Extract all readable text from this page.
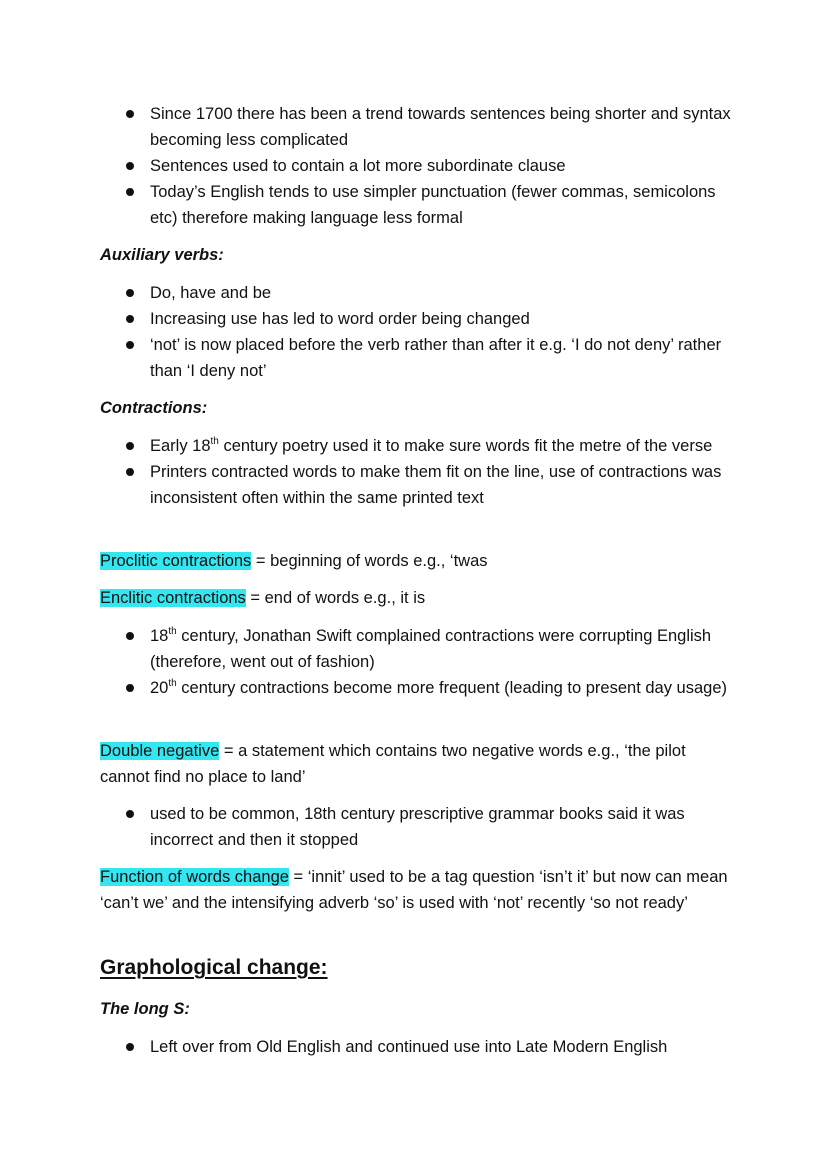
Since 1700 there has been a trend towards sentences being shorter and syntax becoming less complicated
Sentences used to contain a lot more subordinate clause
Today’s English tends to use simpler punctuation (fewer commas, semicolons etc) therefore making language less formal
Auxiliary verbs:
Do, have and be
Increasing use has led to word order being changed
‘not’ is now placed before the verb rather than after it e.g. ‘I do not deny’ rather than ‘I deny not’
Contractions:
Early 18th century poetry used it to make sure words fit the metre of the verse
Printers contracted words to make them fit on the line, use of contractions was inconsistent often within the same printed text
Proclitic contractions = beginning of words e.g., ‘twas
Enclitic contractions = end of words e.g., it is
18th century, Jonathan Swift complained contractions were corrupting English (therefore, went out of fashion)
20th century contractions become more frequent (leading to present day usage)
Double negative = a statement which contains two negative words e.g., ‘the pilot cannot find no place to land’
used to be common, 18th century prescriptive grammar books said it was incorrect and then it stopped
Function of words change = ‘innit’ used to be a tag question ‘isn’t it’ but now can mean ‘can’t we’ and the intensifying adverb ‘so’ is used with ‘not’ recently ‘so not ready’
Graphological change:
The long S:
Left over from Old English and continued use into Late Modern English
